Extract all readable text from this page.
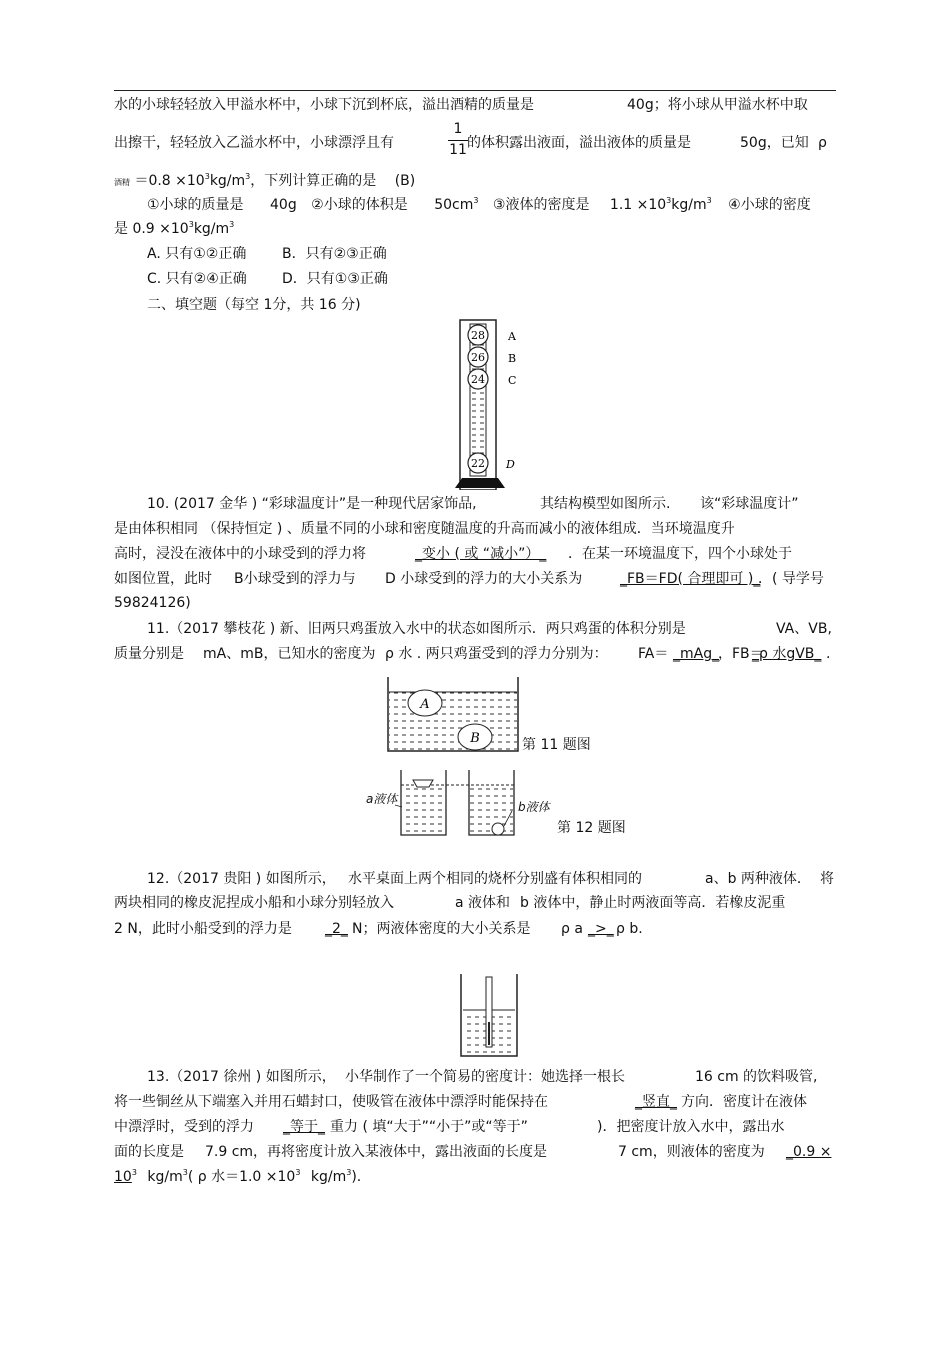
水的小球轻轻放入甲溢水杯中，小球下沉到杯底，溢出酒精的质量是	40g；将小球从甲溢水杯中取
出擦干，轻轻放入乙溢水杯中，小球漂浮且有
1
11 的体积露出液面，溢出液体的质量是	50g，已知 ρ
酒精 $=0.8 \times 10^3kg/m^3$，下列计算正确的是 (B)
①小球的质量是 40g ②小球的体积是 $50cm^3$ ③液体的密度是 $1.1 \times 10^3kg/m^3$ ④小球的密度
是 $0.9 \times 10^3kg/m^3$
A. 只有①②正确	B．只有②③正确
C. 只有②④正确	D．只有①③正确
二、填空题（每空 1分，共 16 分)
28
26
24
22
A
B
C
D
10. (2017 金华 ) “彩球温度计”是一种现代居家饰品,	其结构模型如图所示. 该“彩球温度计”
是由体积相同 （保持恒定 ) 、质量不同的小球和密度随温度的升高而减小的液体组成．当环境温度升
高时，浸没在液体中的小球受到的浮力将	_变小 ( 或 “减小”）_ ．在某一环境温度下，四个小球处于
如图位置，此时 B小球受到的浮力与 D 小球受到的浮力的大小关系为	_FB＝FD( 合理即可 )_
．( 导学号
59824126)
11.（2017 攀枝花 ) 新、旧两只鸡蛋放入水中的状态如图所示．两只鸡蛋的体积分别是	VA、VB,
质量分别是 mA、mB，已知水的密度为 ρ 水 . 两只鸡蛋受到的浮力分别为： FA＝ _mAg_
，FB＝
_ρ 水gVB_ .
A
B	第 11 题图
a液体
b液体
第 12 题图
12.（2017 贵阳 ) 如图所示， 水平桌面上两个相同的烧杯分别盛有体积相同的	a、b 两种液体． 将
两块相同的橡皮泥捏成小船和小球分别轻放入	a 液体和 b 液体中，静止时两液面等高．若橡皮泥重
2 N，此时小船受到的浮力是 _2_ N；两液体密度的大小关系是 ρ a _>_ ρ b.
13.（2017 徐州 ) 如图所示， 小华制作了一个简易的密度计：她选择一根长	16 cm 的饮料吸管,
将一些铜丝从下端塞入并用石蜡封口，使吸管在液体中漂浮时能保持在	_竖直_ 方向．密度计在液体
中漂浮时，受到的浮力 _等于_ 重力 ( 填“大于”“小于”或“等于”	)．把密度计放入水中，露出水
面的长度是 7.9 cm，再将密度计放入某液体中，露出液面的长度是	7 cm，则液体的密度为 _0.9 ×
$10^3$ $kg/m^3$( ρ 水$=1.0 \times 10^3$ $kg/m^3$).
